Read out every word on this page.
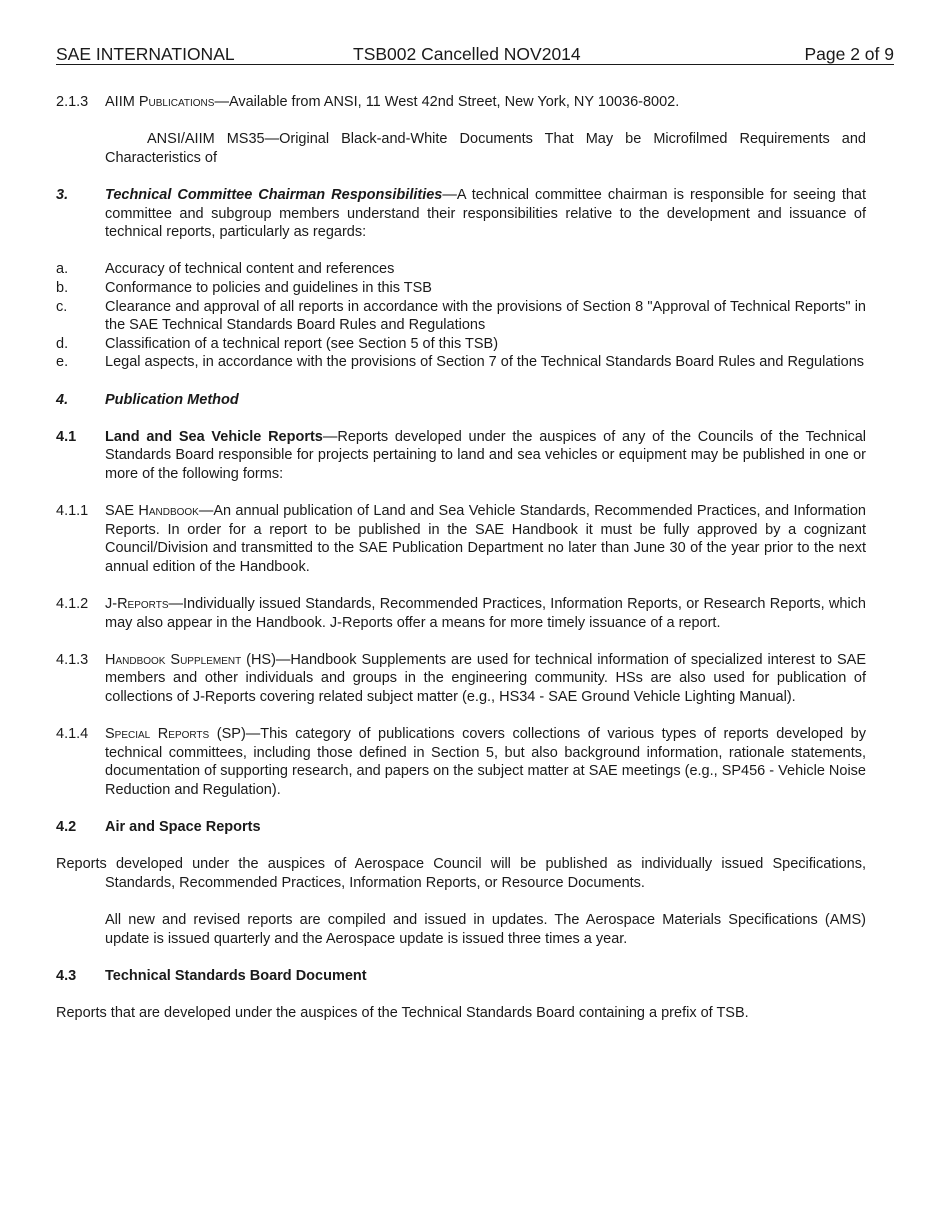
SAE INTERNATIONAL	TSB002 Cancelled NOV2014	Page 2 of 9

2.1.3 AIIM Publications—Available from ANSI, 11 West 42nd Street, New York, NY 10036-8002.

ANSI/AIIM MS35—Original Black-and-White Documents That May be Microfilmed Requirements and Characteristics of

3.	Technical Committee Chairman Responsibilities—A technical committee chairman is responsible for seeing that committee and subgroup members understand their responsibilities relative to the development and issuance of technical reports, particularly as regards:

a.	Accuracy of technical content and references

b.	Conformance to policies and guidelines in this TSB

c.	Clearance and approval of all reports in accordance with the provisions of Section 8 "Approval of Technical Reports" in the SAE Technical Standards Board Rules and Regulations

d.	Classification of a technical report (see Section 5 of this TSB)

e.	Legal aspects, in accordance with the provisions of Section 7 of the Technical Standards Board Rules and Regulations

4.	Publication Method

4.1 Land and Sea Vehicle Reports—Reports developed under the auspices of any of the Councils of the Technical Standards Board responsible for projects pertaining to land and sea vehicles or equipment may be published in one or more of the following forms:

4.1.1 SAE Handbook—An annual publication of Land and Sea Vehicle Standards, Recommended Practices, and Information Reports. In order for a report to be published in the SAE Handbook it must be fully approved by a cognizant Council/Division and transmitted to the SAE Publication Department no later than June 30 of the year prior to the next annual edition of the Handbook.

4.1.2 J-Reports—Individually issued Standards, Recommended Practices, Information Reports, or Research Reports, which may also appear in the Handbook. J-Reports offer a means for more timely issuance of a report.

4.1.3 Handbook Supplement (HS)—Handbook Supplements are used for technical information of specialized interest to SAE members and other individuals and groups in the engineering community. HSs are also used for publication of collections of J-Reports covering related subject matter (e.g., HS34 - SAE Ground Vehicle Lighting Manual).

4.1.4 Special Reports (SP)—This category of publications covers collections of various types of reports developed by technical committees, including those defined in Section 5, but also background information, rationale statements, documentation of supporting research, and papers on the subject matter at SAE meetings (e.g., SP456 - Vehicle Noise Reduction and Regulation).

4.2 Air and Space Reports

Reports developed under the auspices of Aerospace Council will be published as individually issued Specifications, Standards, Recommended Practices, Information Reports, or Resource Documents.

All new and revised reports are compiled and issued in updates. The Aerospace Materials Specifications (AMS) update is issued quarterly and the Aerospace update is issued three times a year.

4.3 Technical Standards Board Document

Reports that are developed under the auspices of the Technical Standards Board containing a prefix of TSB.
